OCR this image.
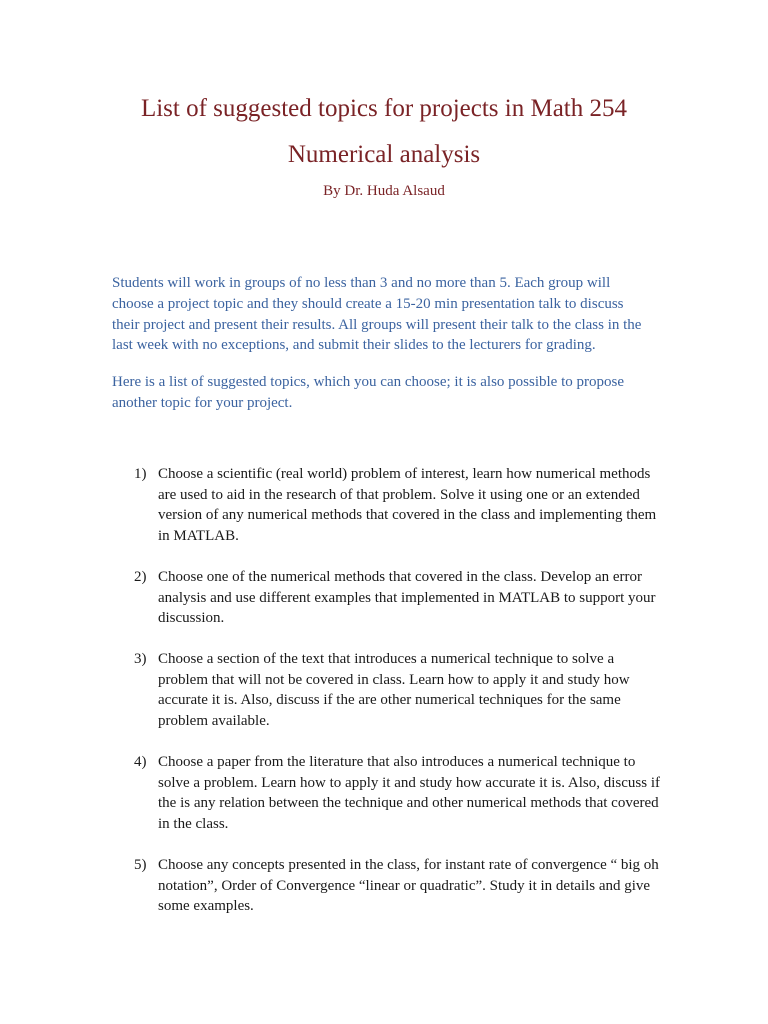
List of suggested topics for projects in Math 254
Numerical analysis

By Dr. Huda Alsaud

Students will work in groups of no less than 3 and no more than 5. Each group will choose a project topic and they should create a 15-20 min presentation talk to discuss their project and present their results. All groups will present their talk to the class in the last week with no exceptions, and submit their slides to the lecturers for grading.

Here is a list of suggested topics, which you can choose; it is also possible to propose another topic for your project.

1) Choose a scientific (real world) problem of interest, learn how numerical methods are used to aid in the research of that problem. Solve it using one or an extended version of any numerical methods that covered in the class and implementing them in MATLAB.
2) Choose one of the numerical methods that covered in the class. Develop an error analysis and use different examples that implemented in MATLAB to support your discussion.
3) Choose a section of the text that introduces a numerical technique to solve a problem that will not be covered in class. Learn how to apply it and study how accurate it is. Also, discuss if the are other numerical techniques for the same problem available.
4) Choose a paper from the literature that also introduces a numerical technique to solve a problem. Learn how to apply it and study how accurate it is. Also, discuss if the is any relation between the technique and other numerical methods that covered in the class.
5) Choose any concepts presented in the class, for instant rate of convergence “ big oh notation”, Order of Convergence “linear or quadratic”. Study it in details and give some examples.
